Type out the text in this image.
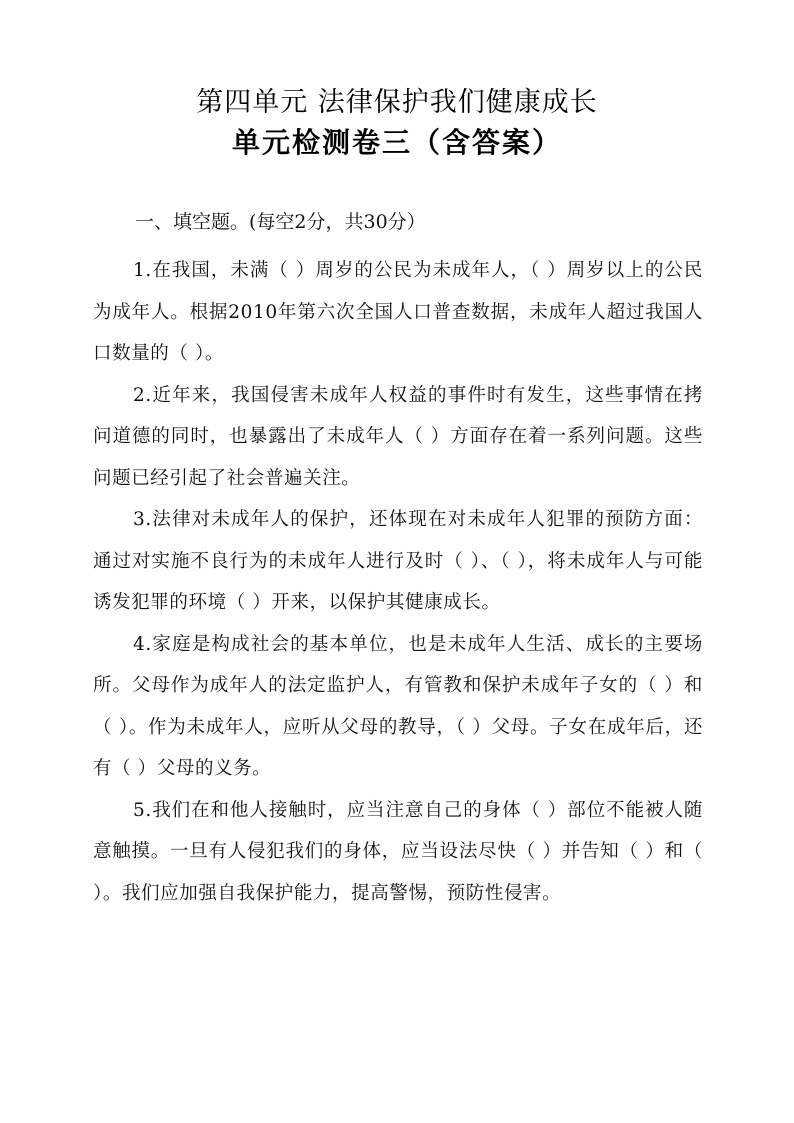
第四单元 法律保护我们健康成长
单元检测卷三（含答案）
一、填空题。(每空2分，共30分）

1.在我国，未满（ ）周岁的公民为未成年人，（ ）周岁以上的公民为成年人。根据2010年第六次全国人口普查数据，未成年人超过我国人口数量的（ ）。

2.近年来，我国侵害未成年人权益的事件时有发生，这些事情在拷问道德的同时，也暴露出了未成年人（ ）方面存在着一系列问题。这些问题已经引起了社会普遍关注。

3.法律对未成年人的保护，还体现在对未成年人犯罪的预防方面：通过对实施不良行为的未成年人进行及时（ ）、（ ），将未成年人与可能诱发犯罪的环境（ ）开来，以保护其健康成长。

4.家庭是构成社会的基本单位，也是未成年人生活、成长的主要场所。父母作为成年人的法定监护人，有管教和保护未成年子女的（ ）和（ ）。作为未成年人，应听从父母的教导，（ ）父母。子女在成年后，还有（ ）父母的义务。

5.我们在和他人接触时，应当注意自己的身体（ ）部位不能被人随意触摸。一旦有人侵犯我们的身体，应当设法尽快（ ）并告知（ ）和（ ）。我们应加强自我保护能力，提高警惕，预防性侵害。
